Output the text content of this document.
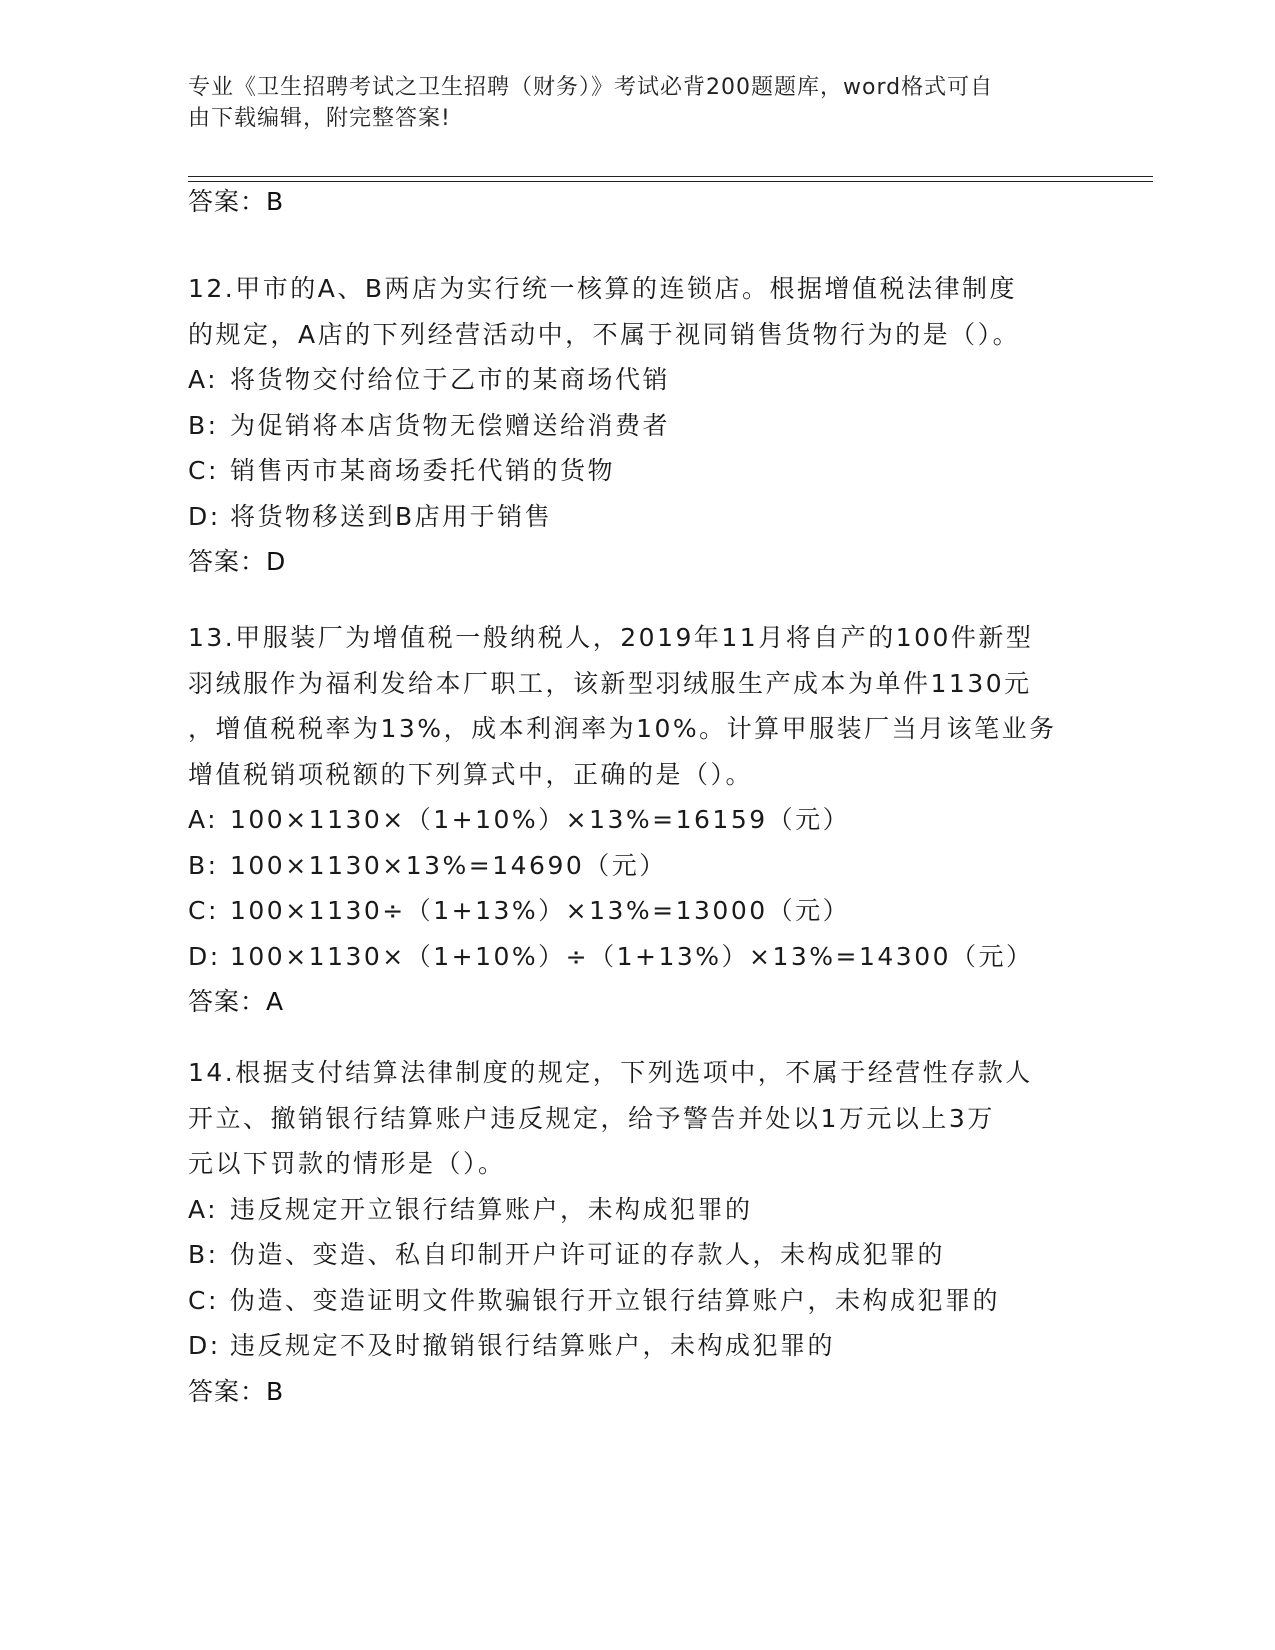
专业《卫生招聘考试之卫生招聘（财务）》考试必背200题题库，word格式可自
由下载编辑，附完整答案!
答案：B
12.甲市的A、B两店为实行统一核算的连锁店。根据增值税法律制度
的规定，A店的下列经营活动中，不属于视同销售货物行为的是（）。
A: 将货物交付给位于乙市的某商场代销
B: 为促销将本店货物无偿赠送给消费者
C: 销售丙市某商场委托代销的货物
D: 将货物移送到B店用于销售
答案：D
13.甲服装厂为增值税一般纳税人，2019年11月将自产的100件新型
羽绒服作为福利发给本厂职工，该新型羽绒服生产成本为单件1130元
，增值税税率为13%，成本利润率为10%。计算甲服装厂当月该笔业务
增值税销项税额的下列算式中，正确的是（）。
A: 100×1130×（1+10%）×13%=16159（元）
B: 100×1130×13%=14690（元）
C: 100×1130÷（1+13%）×13%=13000（元）
D: 100×1130×（1+10%）÷（1+13%）×13%=14300（元）
答案：A
14.根据支付结算法律制度的规定，下列选项中，不属于经营性存款人
开立、撤销银行结算账户违反规定，给予警告并处以1万元以上3万
元以下罚款的情形是（）。
A: 违反规定开立银行结算账户，未构成犯罪的
B: 伪造、变造、私自印制开户许可证的存款人，未构成犯罪的
C: 伪造、变造证明文件欺骗银行开立银行结算账户，未构成犯罪的
D: 违反规定不及时撤销银行结算账户，未构成犯罪的
答案：B
